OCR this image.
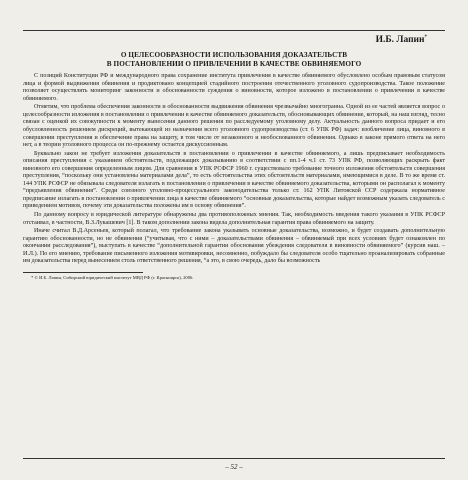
И.Б. Лапин*
О ЦЕЛЕСООБРАЗНОСТИ ИСПОЛЬЗОВАНИЯ ДОКАЗАТЕЛЬСТВ
В ПОСТАНОВЛЕНИИ О ПРИВЛЕЧЕНИИ В КАЧЕСТВЕ ОБВИНЯЕМОГО

С позиций Конституции РФ и международного права сохранение института привлечения в качестве обвиняемого обусловлено особым правовым статусом лица и формой выдвижения обвинения и продиктовано концепцией стадийного построения отечественного уголовного судопроизводства. Такое положение позволяет осуществлять мониторинг законности и обоснованности суждения о виновности, которое изложено в постановлении о привлечении в качестве обвиняемого.

Отметим, что проблема обеспечения законности и обоснованности выдвижения обвинения чрезвычайно многогранна. Одной из ее частей является вопрос о целесообразности изложения в постановлении о привлечении в качестве обвиняемого доказательств, обосновывающих обвинение, который, на наш взгляд, тесно связан с оценкой их совокупности к моменту вынесения данного решения по расследуемому уголовному делу. Актуальность данного вопроса придает и его обусловленность решением дискреций, вытекающей из назначения всего уголовного судопроизводства (ст. 6 УПК РФ) задач: изобличение лица, виновного в совершении преступления и обеспечение права на защиту, в том числе от незаконного и необоснованного обвинения. Однако в законе прямого ответа на него нет, а в теории уголовного процесса он по-прежнему остается дискуссионным.

Буквально закон не требует изложения доказательств в постановлении о привлечении в качестве обвиняемого, а лишь предписывает необходимость описания преступления с указанием обстоятельств, подлежащих доказыванию в соответствии с пп.1-4 ч.1 ст. 73 УПК РФ, позволяющих раскрыть факт виновного его совершения определенным лицом. Для сравнения в УПК РСФСР 1960 г. существовало требование точного изложения обстоятельств совершения преступления, “поскольку они установлены материалами дела”, то есть обстоятельства этих обстоятельств материалами, имеющимися в деле. В то же время ст. 144 УПК РСФСР не обязывала следователя излагать в постановлении о привлечении в качестве обвиняемого доказательства, которыми он располагал к моменту “предъявления обвинения”. Среди союзного уголовно-процессуального законодательства только ст. 162 УПК Литовской ССР содержала нормативное предписание излагать в постановлении о привлечении лица в качестве обвиняемого “основные доказательства, которые найдет возможным указать следователь с приведением мотивов, почему эти доказательства положены им в основу обвинения”.

По данному вопросу в юридической литературе обнаружены два противоположных мнения. Так, необходимость введения такого указания в УПК РСФСР отстаивал, в частности, В.З.Лукашевич [1]. В таком дополнении закона видела дополнительная гарантия права обвиняемого на защиту.

Иначе считал В.Д.Арсеньев, который полагал, что требование закона указывать основные доказательства, возможно, и будет создавать дополнительную гарантию обоснованности, но не обвинения (“учитывая, что с ними – доказательствами обвинения – обвиняемый при всех условиях будет ознакомлен по окончании расследования”), выступать в качестве “дополнительной гарантии обоснования убеждения следователя в виновности обвиняемого” (курсив наш. – И.Л.). По его мнению, требование письменного изложения мотивировки, несомненно, побуждало бы следователя особо тщательно проанализировать собранные им доказательства перед вынесением столь ответственного решения, “а это, в свою очередь, дало бы возможность

* © И.Б. Лапин, Сибирский юридический институт МВД РФ (г. Красноярск), 2006.
– 52 –
